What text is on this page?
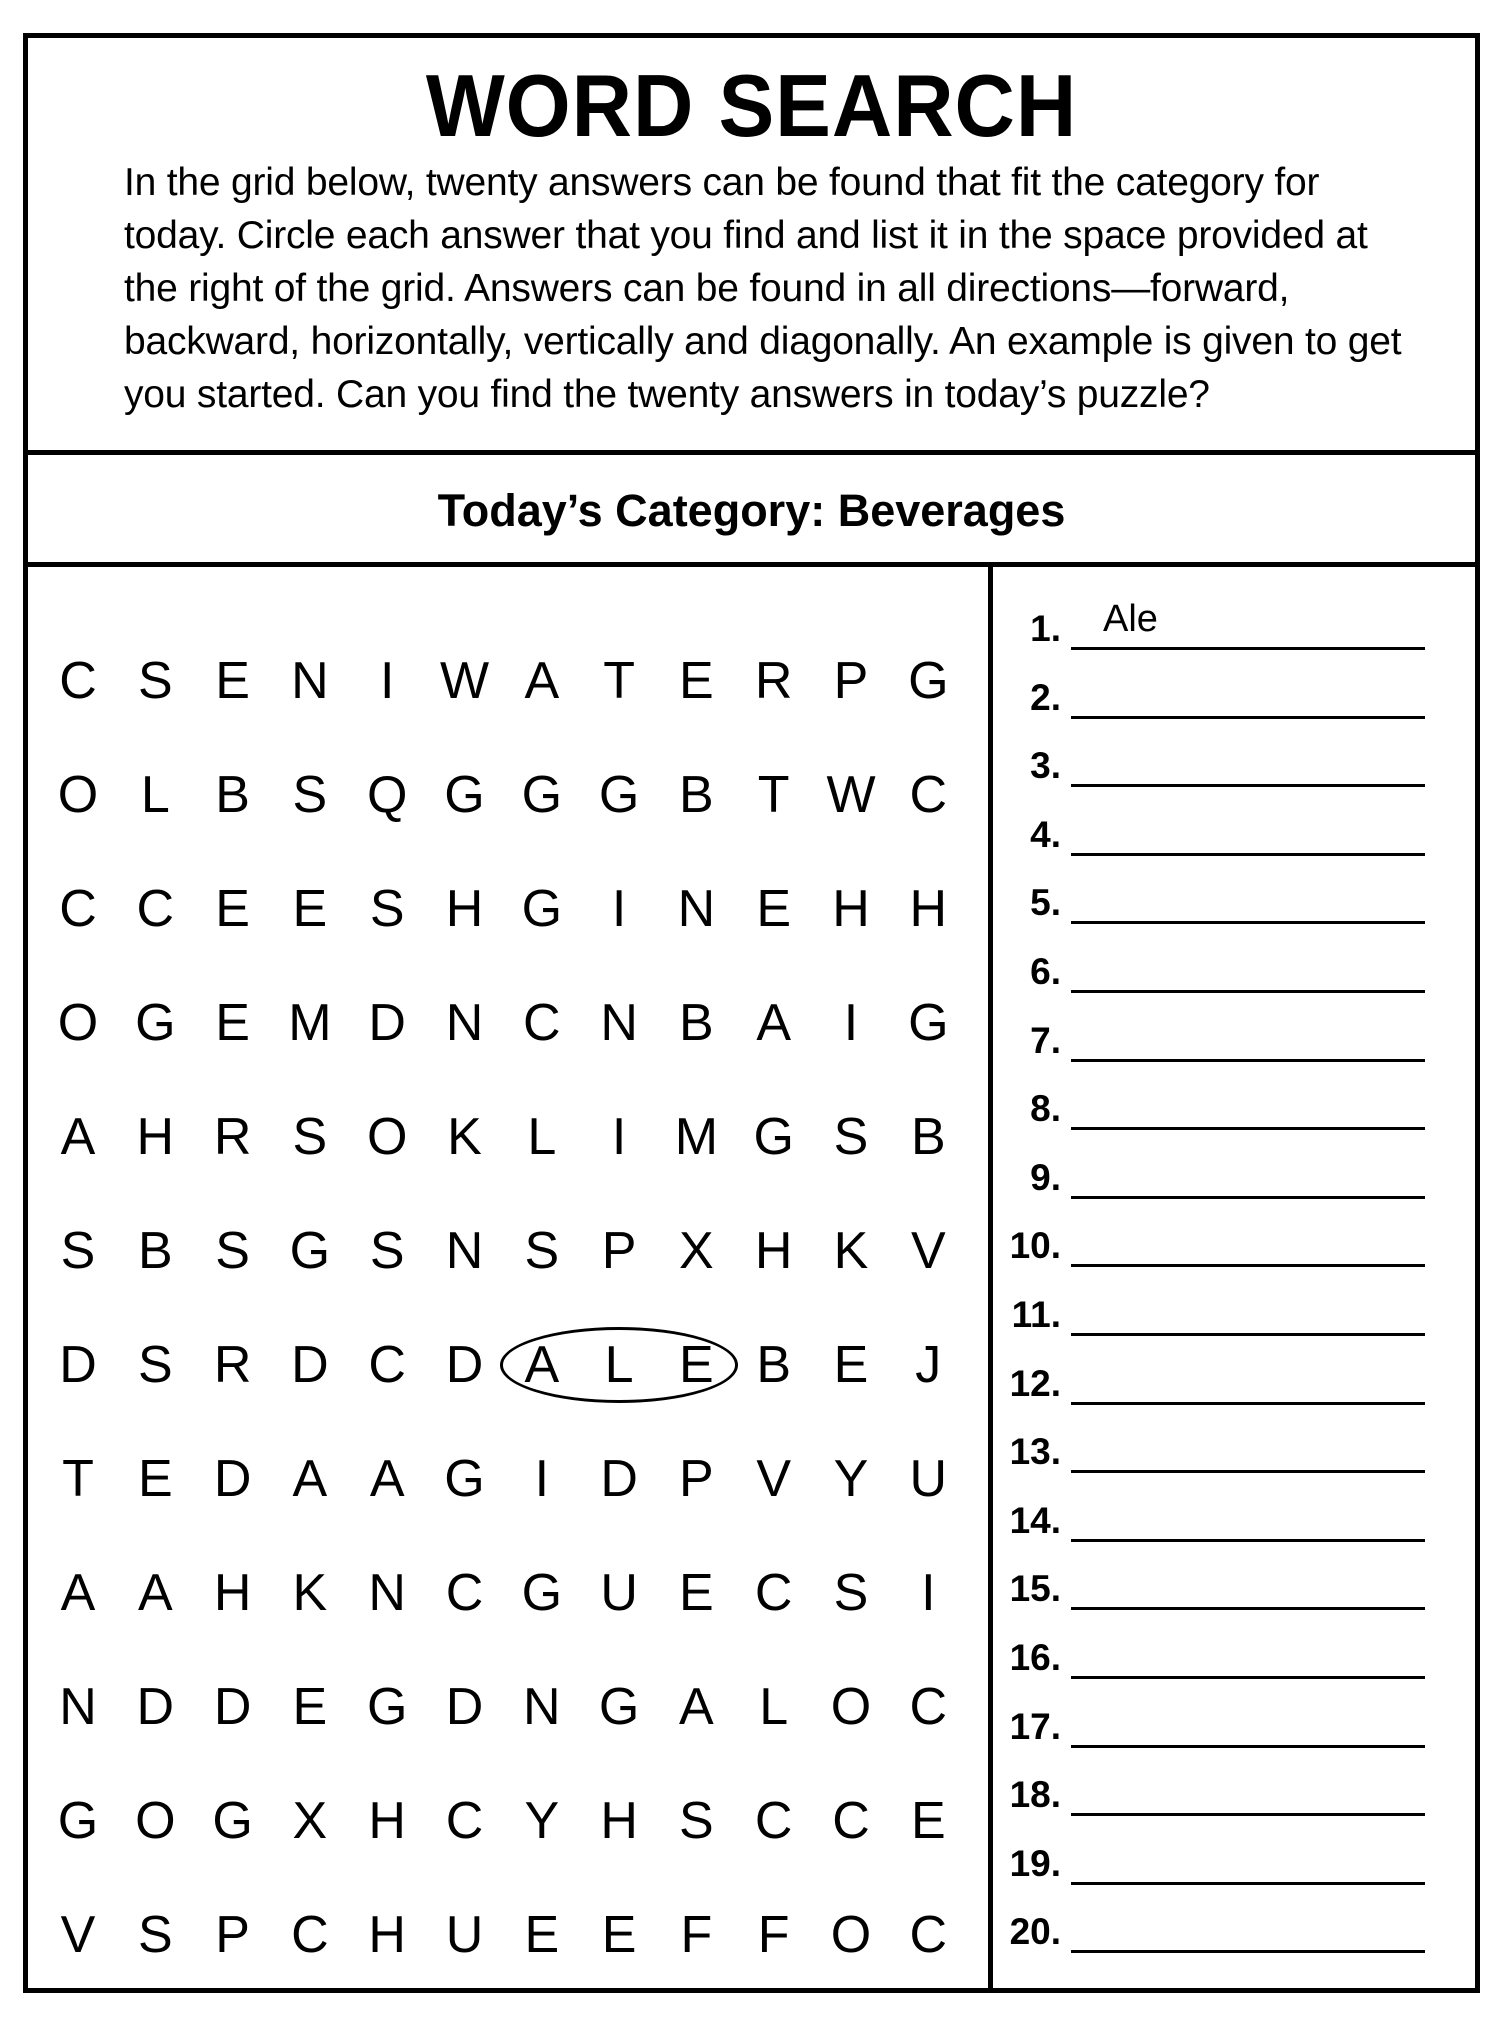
WORD SEARCH
In the grid below, twenty answers can be found that fit the category for today. Circle each answer that you find and list it in the space provided at the right of the grid. Answers can be found in all directions—forward, backward, horizontally, vertically and diagonally. An example is given to get you started. Can you find the twenty answers in today’s puzzle?
Today’s Category: Beverages
C S E N I W A T E R P G
O L B S Q G G G B T W C
C C E E S H G I N E H H
O G E M D N C N B A	I G
A H R S O K L	I M G S B
S B S G S N S P X H K V
D S R D C D A L E B E J
T E D A A G I D P V Y U
A A H K N C G U E C S	I
N D D E G D N G A L O C
G O G X H C Y H S C C E
V S P C H U E E F F O C
1. Ale
2.
3.
4.
5.
6.
7.
8.
9.
10.
11.
12.
13.
14.
15.
16.
17.
18.
19.
20.
